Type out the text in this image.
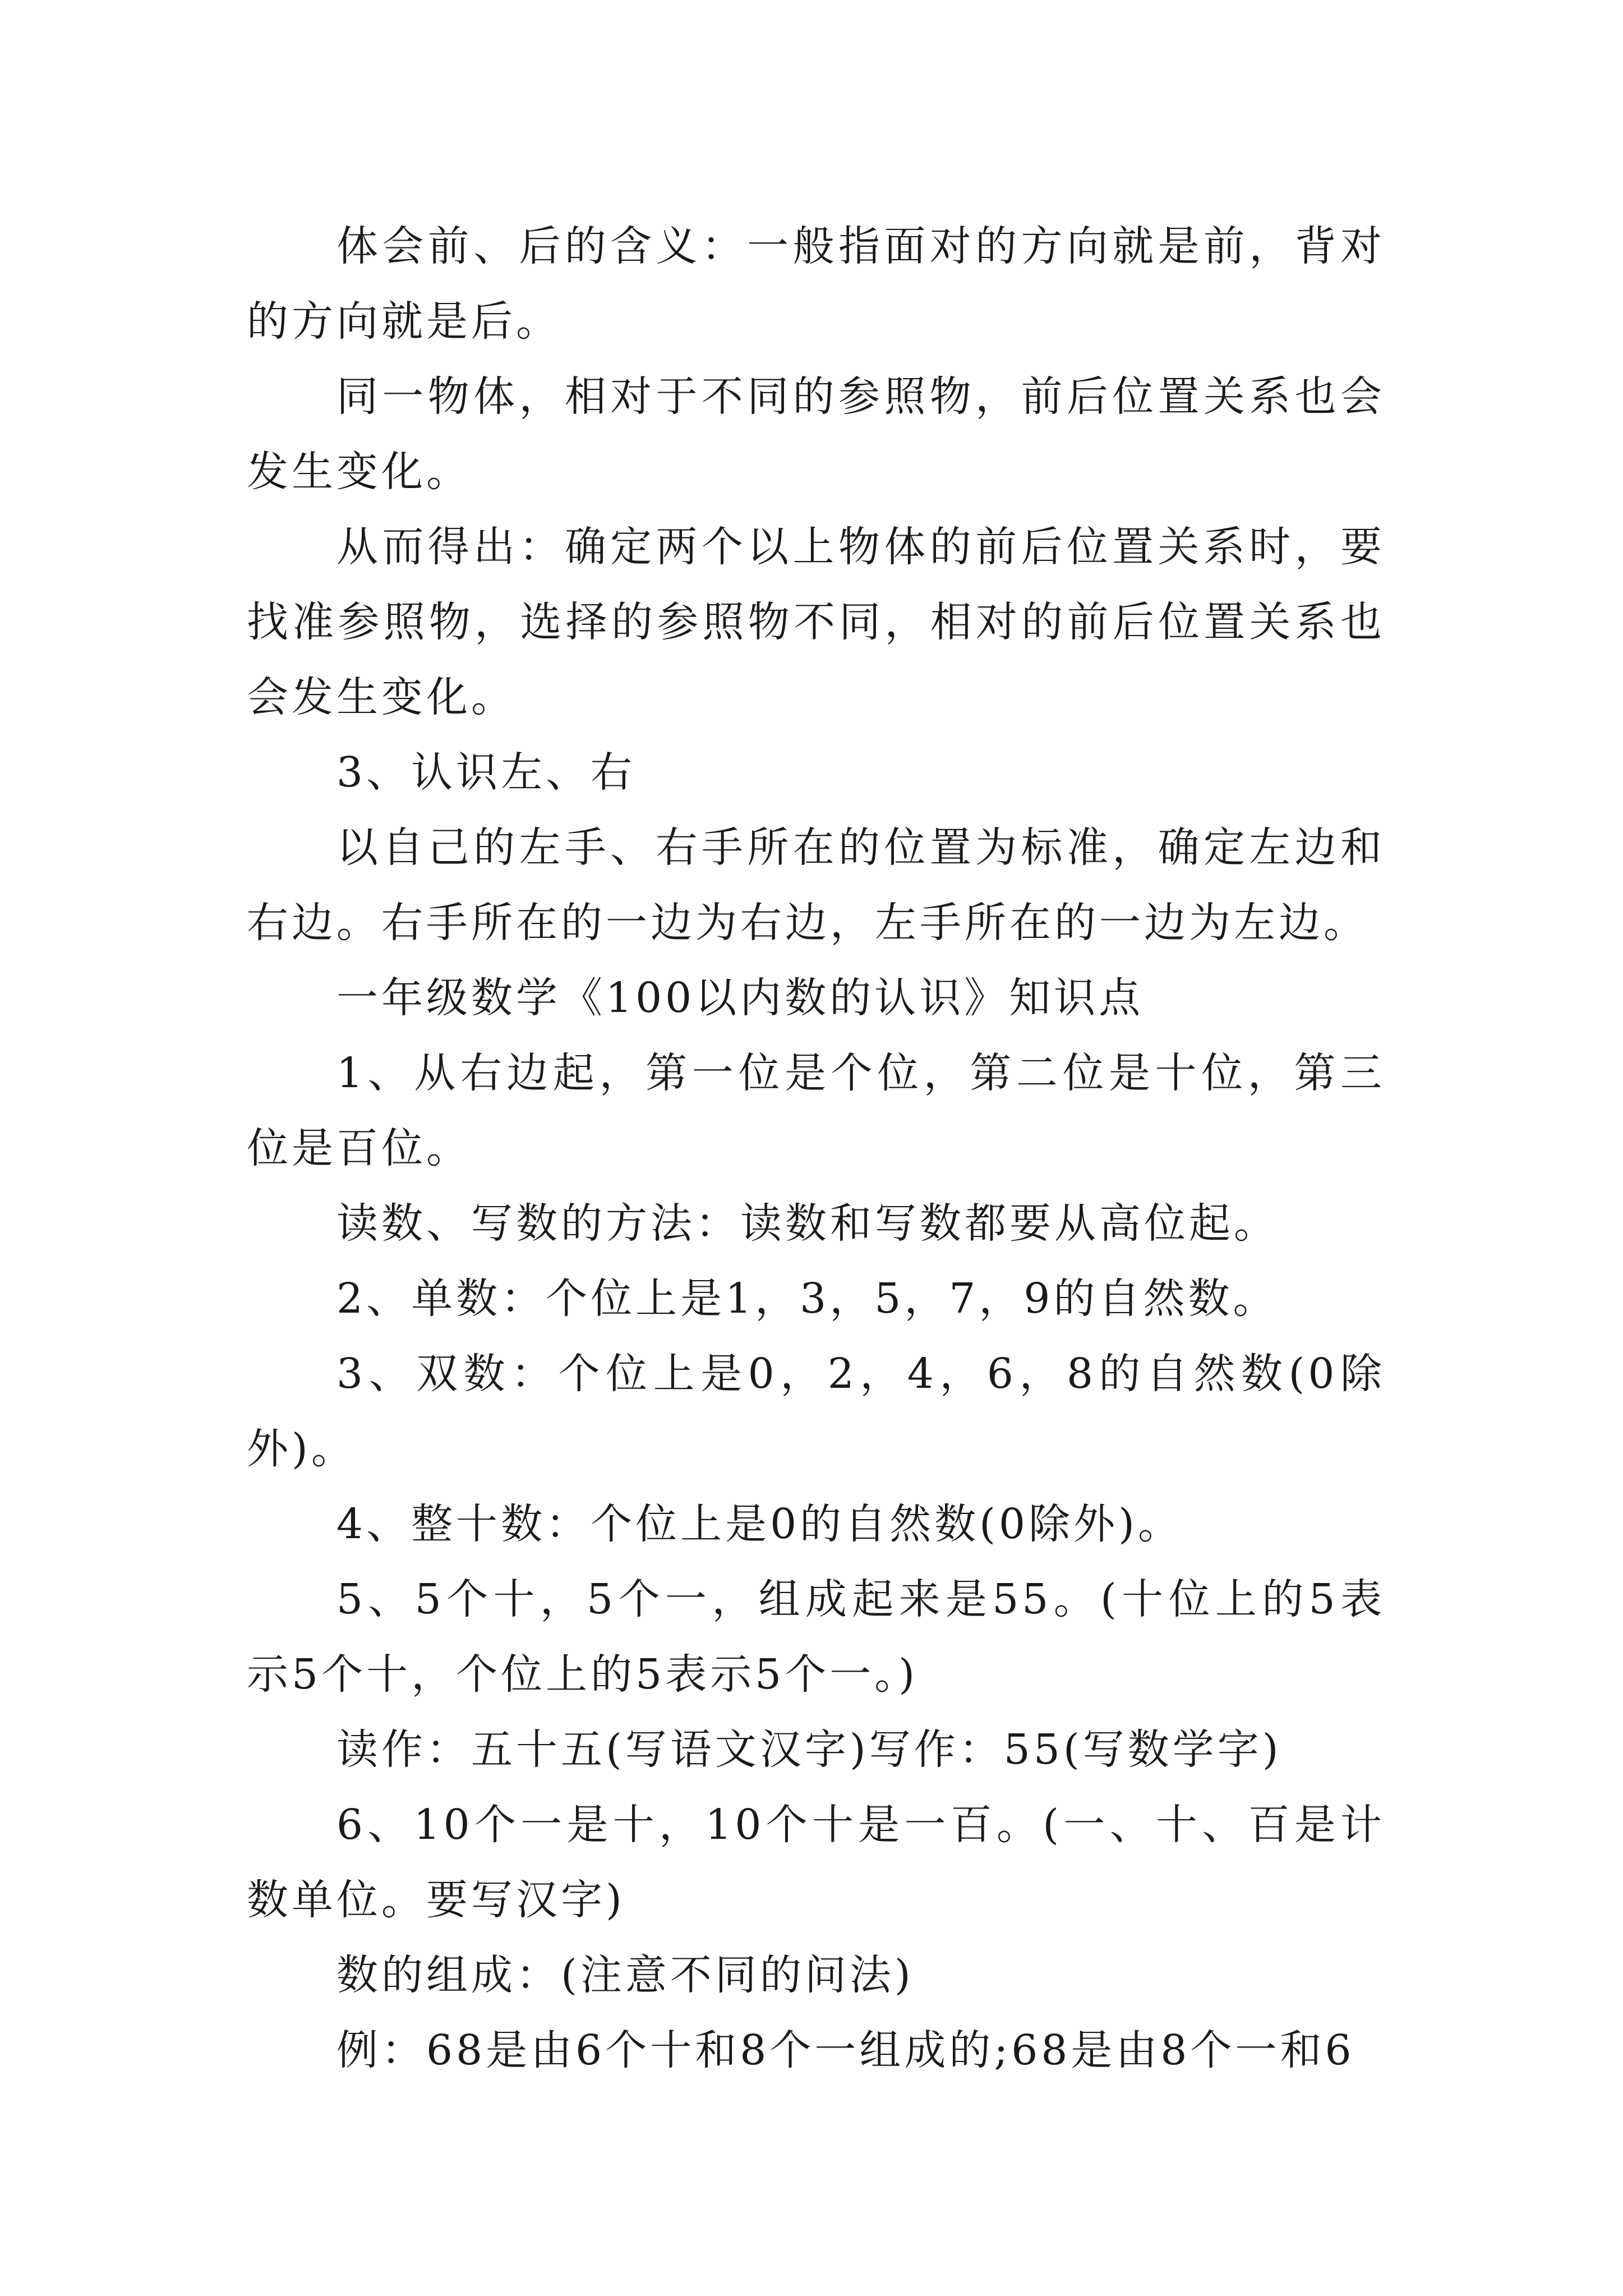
体会前、后的含义：一般指面对的方向就是前，背对的方向就是后。

同一物体，相对于不同的参照物，前后位置关系也会发生变化。

从而得出：确定两个以上物体的前后位置关系时，要找准参照物，选择的参照物不同，相对的前后位置关系也会发生变化。

3、认识左、右

以自己的左手、右手所在的位置为标准，确定左边和右边。右手所在的一边为右边，左手所在的一边为左边。

一年级数学《100以内数的认识》知识点

1、从右边起，第一位是个位，第二位是十位，第三位是百位。

读数、写数的方法：读数和写数都要从高位起。

2、单数：个位上是1，3，5，7，9的自然数。

3、双数：个位上是0，2，4，6，8的自然数(0除外)。

4、整十数：个位上是0的自然数(0除外)。

5、5个十，5个一，组成起来是55。(十位上的5表示5个十，个位上的5表示5个一。)

读作：五十五(写语文汉字)写作：55(写数学字)

6、10个一是十，10个十是一百。(一、十、百是计数单位。要写汉字)

数的组成：(注意不同的问法)

例：68是由6个十和8个一组成的;68是由8个一和6
